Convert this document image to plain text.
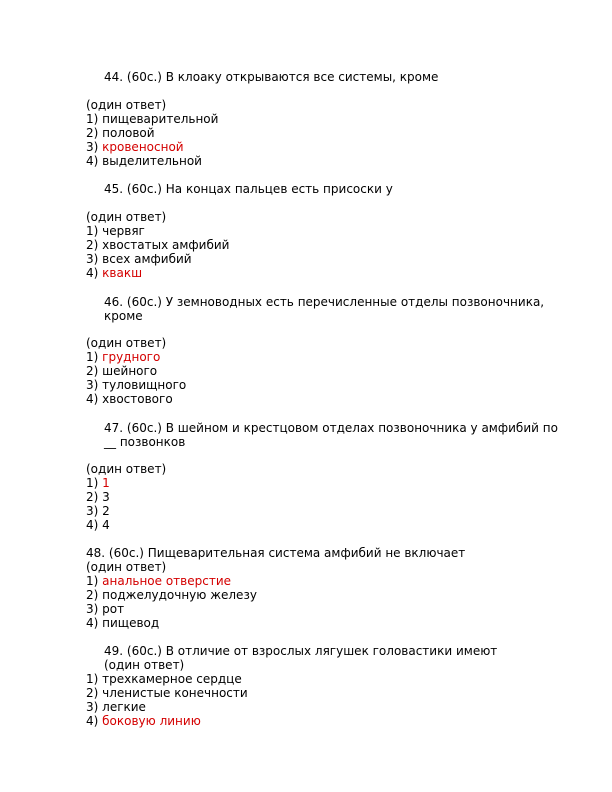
44. (60с.) В клоаку открываются все системы, кроме
(один ответ)
1) пищеварительной
2) половой
3) кровеносной
4) выделительной
45. (60с.) На концах пальцев есть присоски у
(один ответ)
1) червяг
2) хвостатых амфибий
3) всех амфибий
4) квакш
46. (60с.) У земноводных есть перечисленные отделы позвоночника,
кроме
(один ответ)
1) грудного
2) шейного
3) туловищного
4) хвостового
47. (60с.) В шейном и крестцовом отделах позвоночника у амфибий по
__ позвонков
(один ответ)
1) 1
2) 3
3) 2
4) 4
48. (60с.) Пищеварительная система амфибий не включает
(один ответ)
1) анальное отверстие
2) поджелудочную железу
3) рот
4) пищевод
49. (60с.) В отличие от взрослых лягушек головастики имеют
(один ответ)
1) трехкамерное сердце
2) членистые конечности
3) легкие
4) боковую линию
